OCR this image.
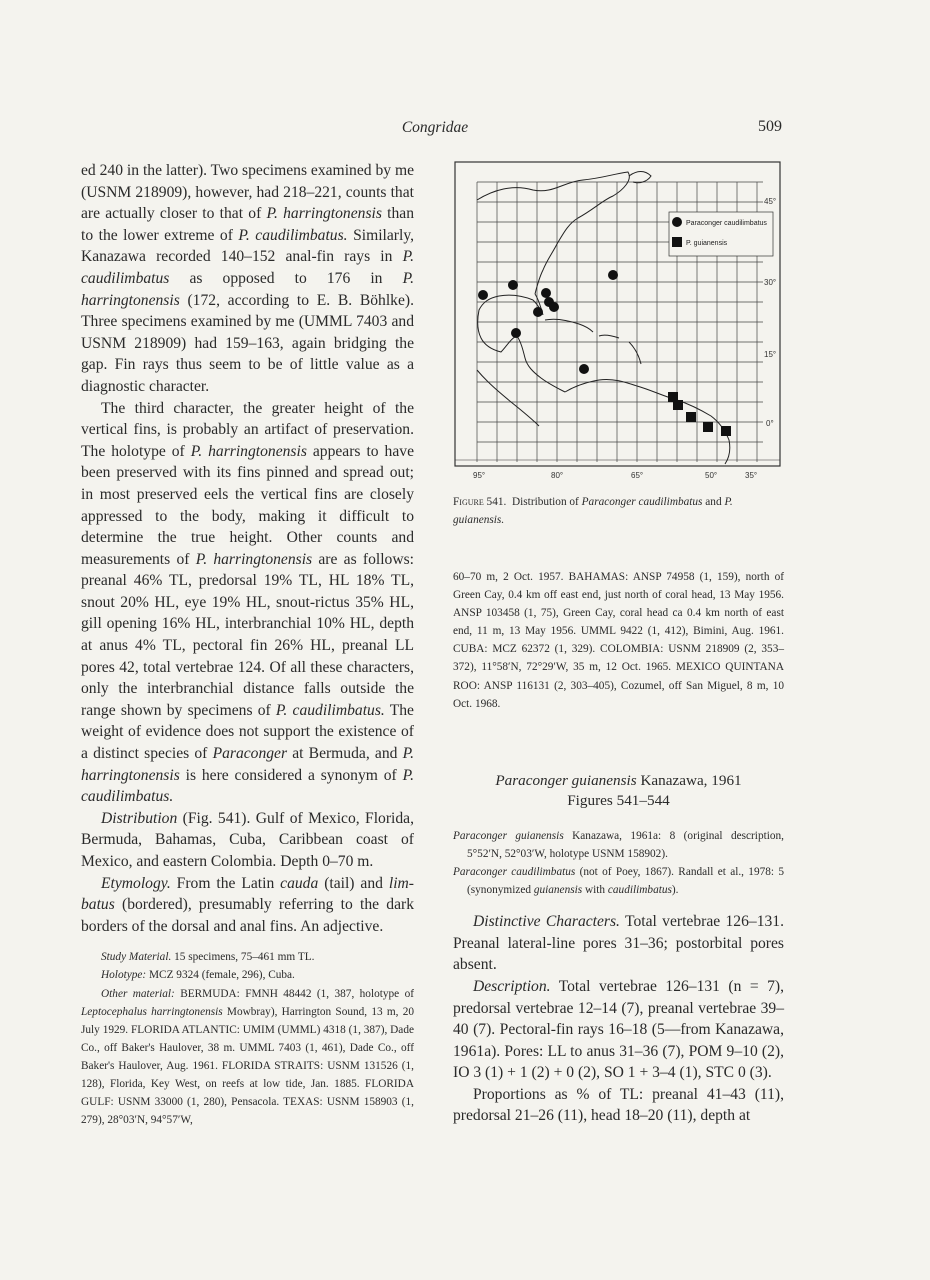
Congridae	509

ed 240 in the latter). Two specimens examined by me (USNM 218909), however, had 218–221, counts that are actually closer to that of P. harringtonensis than to the lower extreme of P. caudilimbatus. Similarly, Kanazawa recorded 140–152 anal-fin rays in P. caudilimbatus as opposed to 176 in P. harringtonensis (172, according to E. B. Böhlke). Three specimens examined by me (UMML 7403 and USNM 218909) had 159–163, again bridging the gap. Fin rays thus seem to be of little value as a diagnostic character.

The third character, the greater height of the vertical fins, is probably an artifact of preservation. The holotype of P. harringtonensis appears to have been preserved with its fins pinned and spread out; in most preserved eels the vertical fins are closely appressed to the body, making it difficult to determine the true height. Other counts and measurements of P. harringtonensis are as follows: preanal 46% TL, predorsal 19% TL, HL 18% TL, snout 20% HL, eye 19% HL, snout-rictus 35% HL, gill opening 16% HL, interbranchial 10% HL, depth at anus 4% TL, pectoral fin 26% HL, preanal LL pores 42, total vertebrae 124. Of all these characters, only the interbranchial distance falls outside the range shown by specimens of P. caudilimbatus. The weight of evidence does not support the existence of a distinct species of Paraconger at Bermuda, and P. harringtonensis is here considered a synonym of P. caudilimbatus.

Distribution (Fig. 541). Gulf of Mexico, Florida, Bermuda, Bahamas, Cuba, Caribbean coast of Mexico, and eastern Colombia. Depth 0–70 m.

Etymology. From the Latin cauda (tail) and limbatus (bordered), presumably referring to the dark borders of the dorsal and anal fins. An adjective.

Study Material. 15 specimens, 75–461 mm TL.

Holotype: MCZ 9324 (female, 296), Cuba.

Other material: BERMUDA: FMNH 48442 (1, 387, holotype of Leptocephalus harringtonensis Mowbray), Harrington Sound, 13 m, 20 July 1929. FLORIDA ATLANTIC: UMIM (UMML) 4318 (1, 387), Dade Co., off Baker's Haulover, 38 m. UMML 7403 (1, 461), Dade Co., off Baker's Haulover, Aug. 1961. FLORIDA STRAITS: USNM 131526 (1, 128), Florida, Key West, on reefs at low tide, Jan. 1885. FLORIDA GULF: USNM 33000 (1, 280), Pensacola. TEXAS: USNM 158903 (1, 279), 28°03′N, 94°57′W,

Paraconger caudilimbatus
P. guianensis
45°
30°
15°
0°
95°	80°	65°	50°	35°

Figure 541. Distribution of Paraconger caudilimbatus and P. guianensis.

60–70 m, 2 Oct. 1957. BAHAMAS: ANSP 74958 (1, 159), north of Green Cay, 0.4 km off east end, just north of coral head, 13 May 1956. ANSP 103458 (1, 75), Green Cay, coral head ca 0.4 km north of east end, 11 m, 13 May 1956. UMML 9422 (1, 412), Bimini, Aug. 1961. CUBA: MCZ 62372 (1, 329). COLOMBIA: USNM 218909 (2, 353–372), 11°58′N, 72°29′W, 35 m, 12 Oct. 1965. MEXICO QUINTANA ROO: ANSP 116131 (2, 303–405), Cozumel, off San Miguel, 8 m, 10 Oct. 1968.

Paraconger guianensis Kanazawa, 1961

Figures 541–544

Paraconger guianensis Kanazawa, 1961a: 8 (original description, 5°52′N, 52°03′W, holotype USNM 158902).

Paraconger caudilimbatus (not of Poey, 1867). Randall et al., 1978: 5 (synonymized guianensis with caudilimbatus).

Distinctive Characters. Total vertebrae 126–131. Preanal lateral-line pores 31–36; postorbital pores absent.

Description. Total vertebrae 126–131 (n = 7), predorsal vertebrae 12–14 (7), preanal vertebrae 39–40 (7). Pectoral-fin rays 16–18 (5—from Kanazawa, 1961a). Pores: LL to anus 31–36 (7), POM 9–10 (2), IO 3 (1) + 1 (2) + 0 (2), SO 1 + 3–4 (1), STC 0 (3).

Proportions as % of TL: preanal 41–43 (11), predorsal 21–26 (11), head 18–20 (11), depth at
